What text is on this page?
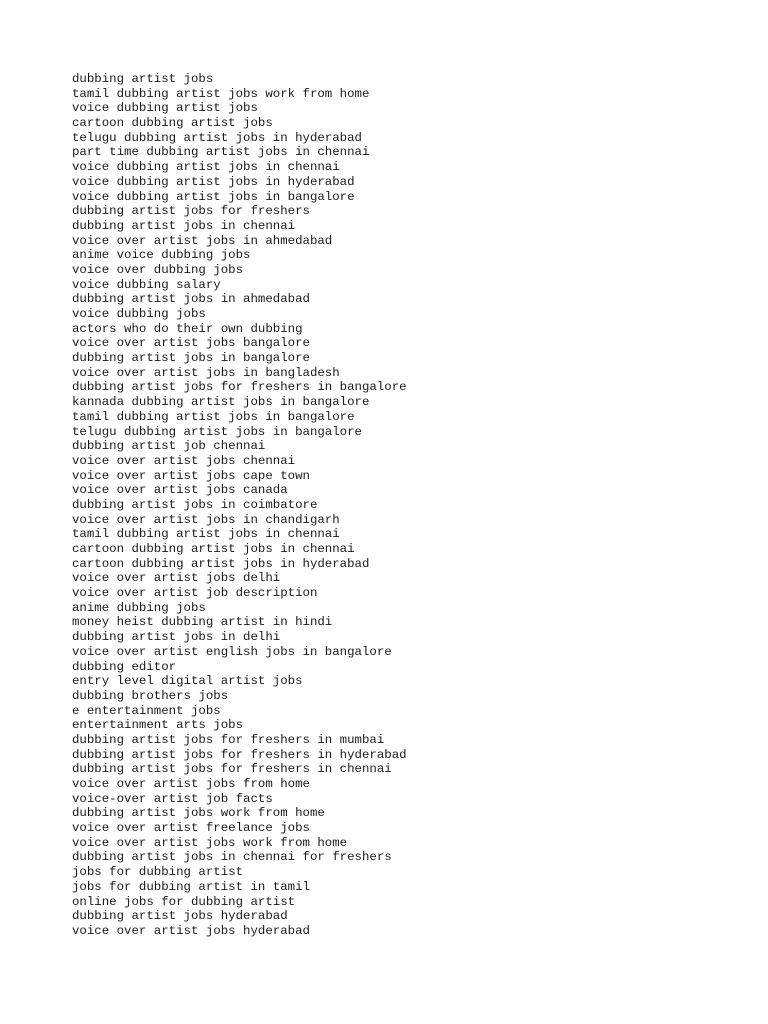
dubbing artist jobs
tamil dubbing artist jobs work from home
voice dubbing artist jobs
cartoon dubbing artist jobs
telugu dubbing artist jobs in hyderabad
part time dubbing artist jobs in chennai
voice dubbing artist jobs in chennai
voice dubbing artist jobs in hyderabad
voice dubbing artist jobs in bangalore
dubbing artist jobs for freshers
dubbing artist jobs in chennai
voice over artist jobs in ahmedabad
anime voice dubbing jobs
voice over dubbing jobs
voice dubbing salary
dubbing artist jobs in ahmedabad
voice dubbing jobs
actors who do their own dubbing
voice over artist jobs bangalore
dubbing artist jobs in bangalore
voice over artist jobs in bangladesh
dubbing artist jobs for freshers in bangalore
kannada dubbing artist jobs in bangalore
tamil dubbing artist jobs in bangalore
telugu dubbing artist jobs in bangalore
dubbing artist job chennai
voice over artist jobs chennai
voice over artist jobs cape town
voice over artist jobs canada
dubbing artist jobs in coimbatore
voice over artist jobs in chandigarh
tamil dubbing artist jobs in chennai
cartoon dubbing artist jobs in chennai
cartoon dubbing artist jobs in hyderabad
voice over artist jobs delhi
voice over artist job description
anime dubbing jobs
money heist dubbing artist in hindi
dubbing artist jobs in delhi
voice over artist english jobs in bangalore
dubbing editor
entry level digital artist jobs
dubbing brothers jobs
e entertainment jobs
entertainment arts jobs
dubbing artist jobs for freshers in mumbai
dubbing artist jobs for freshers in hyderabad
dubbing artist jobs for freshers in chennai
voice over artist jobs from home
voice-over artist job facts
dubbing artist jobs work from home
voice over artist freelance jobs
voice over artist jobs work from home
dubbing artist jobs in chennai for freshers
jobs for dubbing artist
jobs for dubbing artist in tamil
online jobs for dubbing artist
dubbing artist jobs hyderabad
voice over artist jobs hyderabad
